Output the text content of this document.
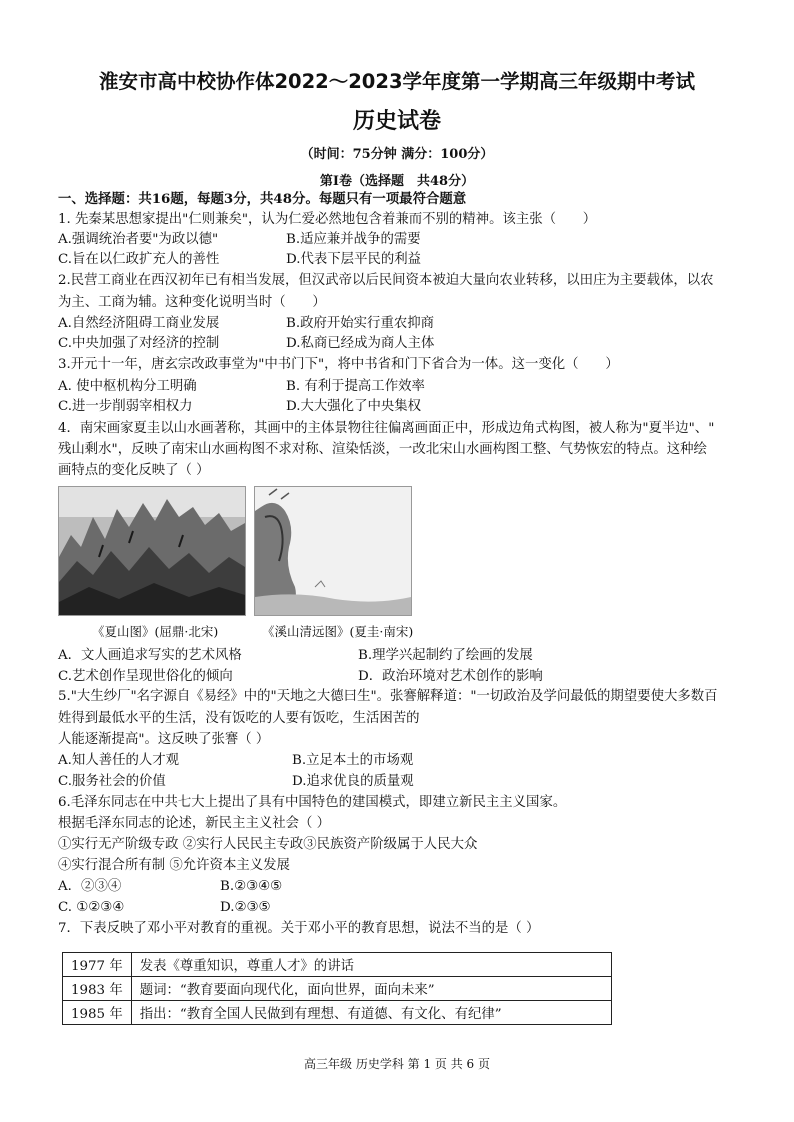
淮安市高中校协作体2022～2023学年度第一学期高三年级期中考试
历史试卷
（时间：75分钟 满分：100分）
第Ⅰ卷（选择题　共48分）
一、选择题：共16题，每题3分，共48分。每题只有一项最符合题意
1. 先秦某思想家提出"仁则兼矣"，认为仁爱必然地包含着兼而不别的精神。该主张（　　）
A.强调统治者要"为政以德"	B.适应兼并战争的需要
C.旨在以仁政扩充人的善性	D.代表下层平民的利益
2.民营工商业在西汉初年已有相当发展，但汉武帝以后民间资本被迫大量向农业转移，以田庄为主要载体，以农
为主、工商为辅。这种变化说明当时（　　）
A.自然经济阻碍工商业发展	B.政府开始实行重农抑商
C.中央加强了对经济的控制	D.私商已经成为商人主体
3.开元十一年，唐玄宗改政事堂为"中书门下"，将中书省和门下省合为一体。这一变化（　　）
A. 使中枢机构分工明确	B. 有利于提高工作效率
C.进一步削弱宰相权力	D.大大强化了中央集权
4．南宋画家夏圭以山水画著称，其画中的主体景物往往偏离画面正中，形成边角式构图，被人称为"夏半边"、"
残山剩水"，反映了南宋山水画构图不求对称、渲染恬淡，一改北宋山水画构图工整、气势恢宏的特点。这种绘
画特点的变化反映了（ ）
《夏山图》(屈鼎·北宋)	《溪山清远图》(夏圭·南宋)
A．文人画追求写实的艺术风格	B.理学兴起制约了绘画的发展
C.艺术创作呈现世俗化的倾向	D．政治环境对艺术创作的影响
5."大生纱厂"名字源自《易经》中的"天地之大德曰生"。张謇解释道："一切政治及学问最低的期望要使大多数百
姓得到最低水平的生活，没有饭吃的人要有饭吃，生活困苦的
人能逐渐提高"。这反映了张謇（ ）
A.知人善任的人才观	B.立足本土的市场观
C.服务社会的价值	D.追求优良的质量观
6.毛泽东同志在中共七大上提出了具有中国特色的建国模式，即建立新民主主义国家。
根据毛泽东同志的论述，新民主主义社会（ ）
①实行无产阶级专政 ②实行人民民主专政③民族资产阶级属于人民大众
④实行混合所有制 ⑤允许资本主义发展
A．②③④	B.②③④⑤
C. ①②③④	D.②③⑤
7．下表反映了邓小平对教育的重视。关于邓小平的教育思想，说法不当的是（ ）
1977 年	发表《尊重知识，尊重人才》的讲话
1983 年	题词：“教育要面向现代化，面向世界，面向未来”
1985 年	指出：“教育全国人民做到有理想、有道德、有文化、有纪律”
高三年级 历史学科 第 1 页 共 6 页
